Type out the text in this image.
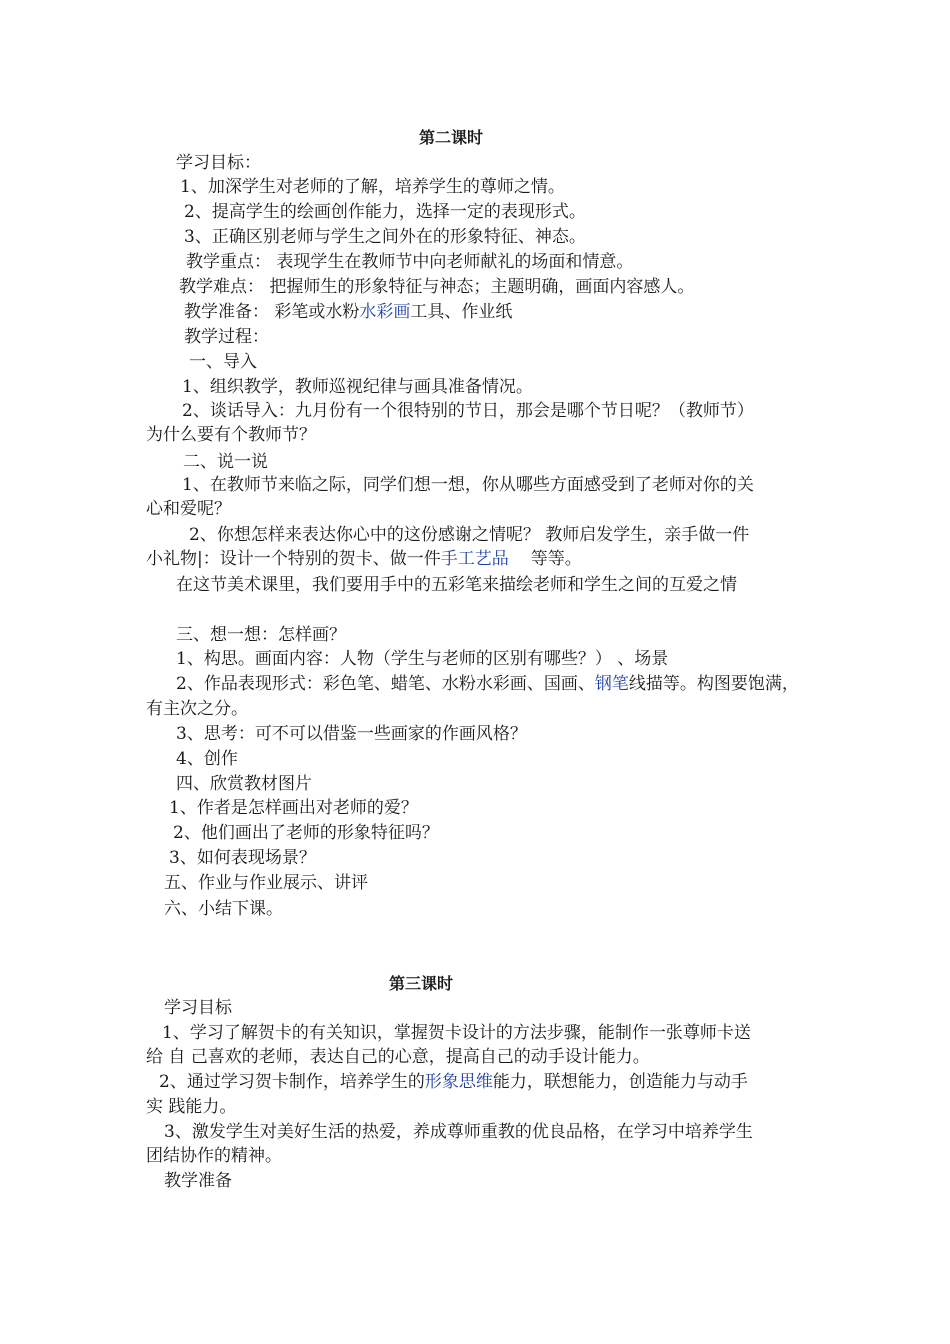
第二课时
学习目标：
1、加深学生对老师的了解，培养学生的尊师之情。
2、提高学生的绘画创作能力，选择一定的表现形式。
3、正确区别老师与学生之间外在的形象特征、神态。
教学重点： 表现学生在教师节中向老师献礼的场面和情意。
教学难点： 把握师生的形象特征与神态；主题明确，画面内容感人。
教学准备： 彩笔或水粉水彩画工具、作业纸
教学过程：
一、导入
1、组织教学，教师巡视纪律与画具准备情况。
2、谈话导入：九月份有一个很特别的节日，那会是哪个节日呢？（教师节）
为什么要有个教师节？
二、说一说
1、在教师节来临之际，同学们想一想，你从哪些方面感受到了老师对你的关
心和爱呢？
2、你想怎样来表达你心中的这份感谢之情呢？ 教师启发学生，亲手做一件
小礼物|：设计一个特别的贺卡、做一件手工艺品 等等。
在这节美术课里，我们要用手中的五彩笔来描绘老师和学生之间的互爱之情
三、想一想：怎样画？
1、构思。画面内容：人物（学生与老师的区别有哪些？） 、场景
2、作品表现形式：彩色笔、蜡笔、水粉水彩画、国画、钢笔线描等。构图要饱满，
有主次之分。
3、思考：可不可以借鉴一些画家的作画风格？
4、创作
四、欣赏教材图片
1、作者是怎样画出对老师的爱？
2、他们画出了老师的形象特征吗？
3、如何表现场景？
五、作业与作业展示、讲评
六、小结下课。
第三课时
学习目标
1、学习了解贺卡的有关知识，掌握贺卡设计的方法步骤，能制作一张尊师卡送
给 自 己喜欢的老师，表达自己的心意，提高自己的动手设计能力。
2、通过学习贺卡制作，培养学生的形象思维能力，联想能力，创造能力与动手
实 践能力。
3、激发学生对美好生活的热爱，养成尊师重教的优良品格，在学习中培养学生
团结协作的精神。
教学准备
